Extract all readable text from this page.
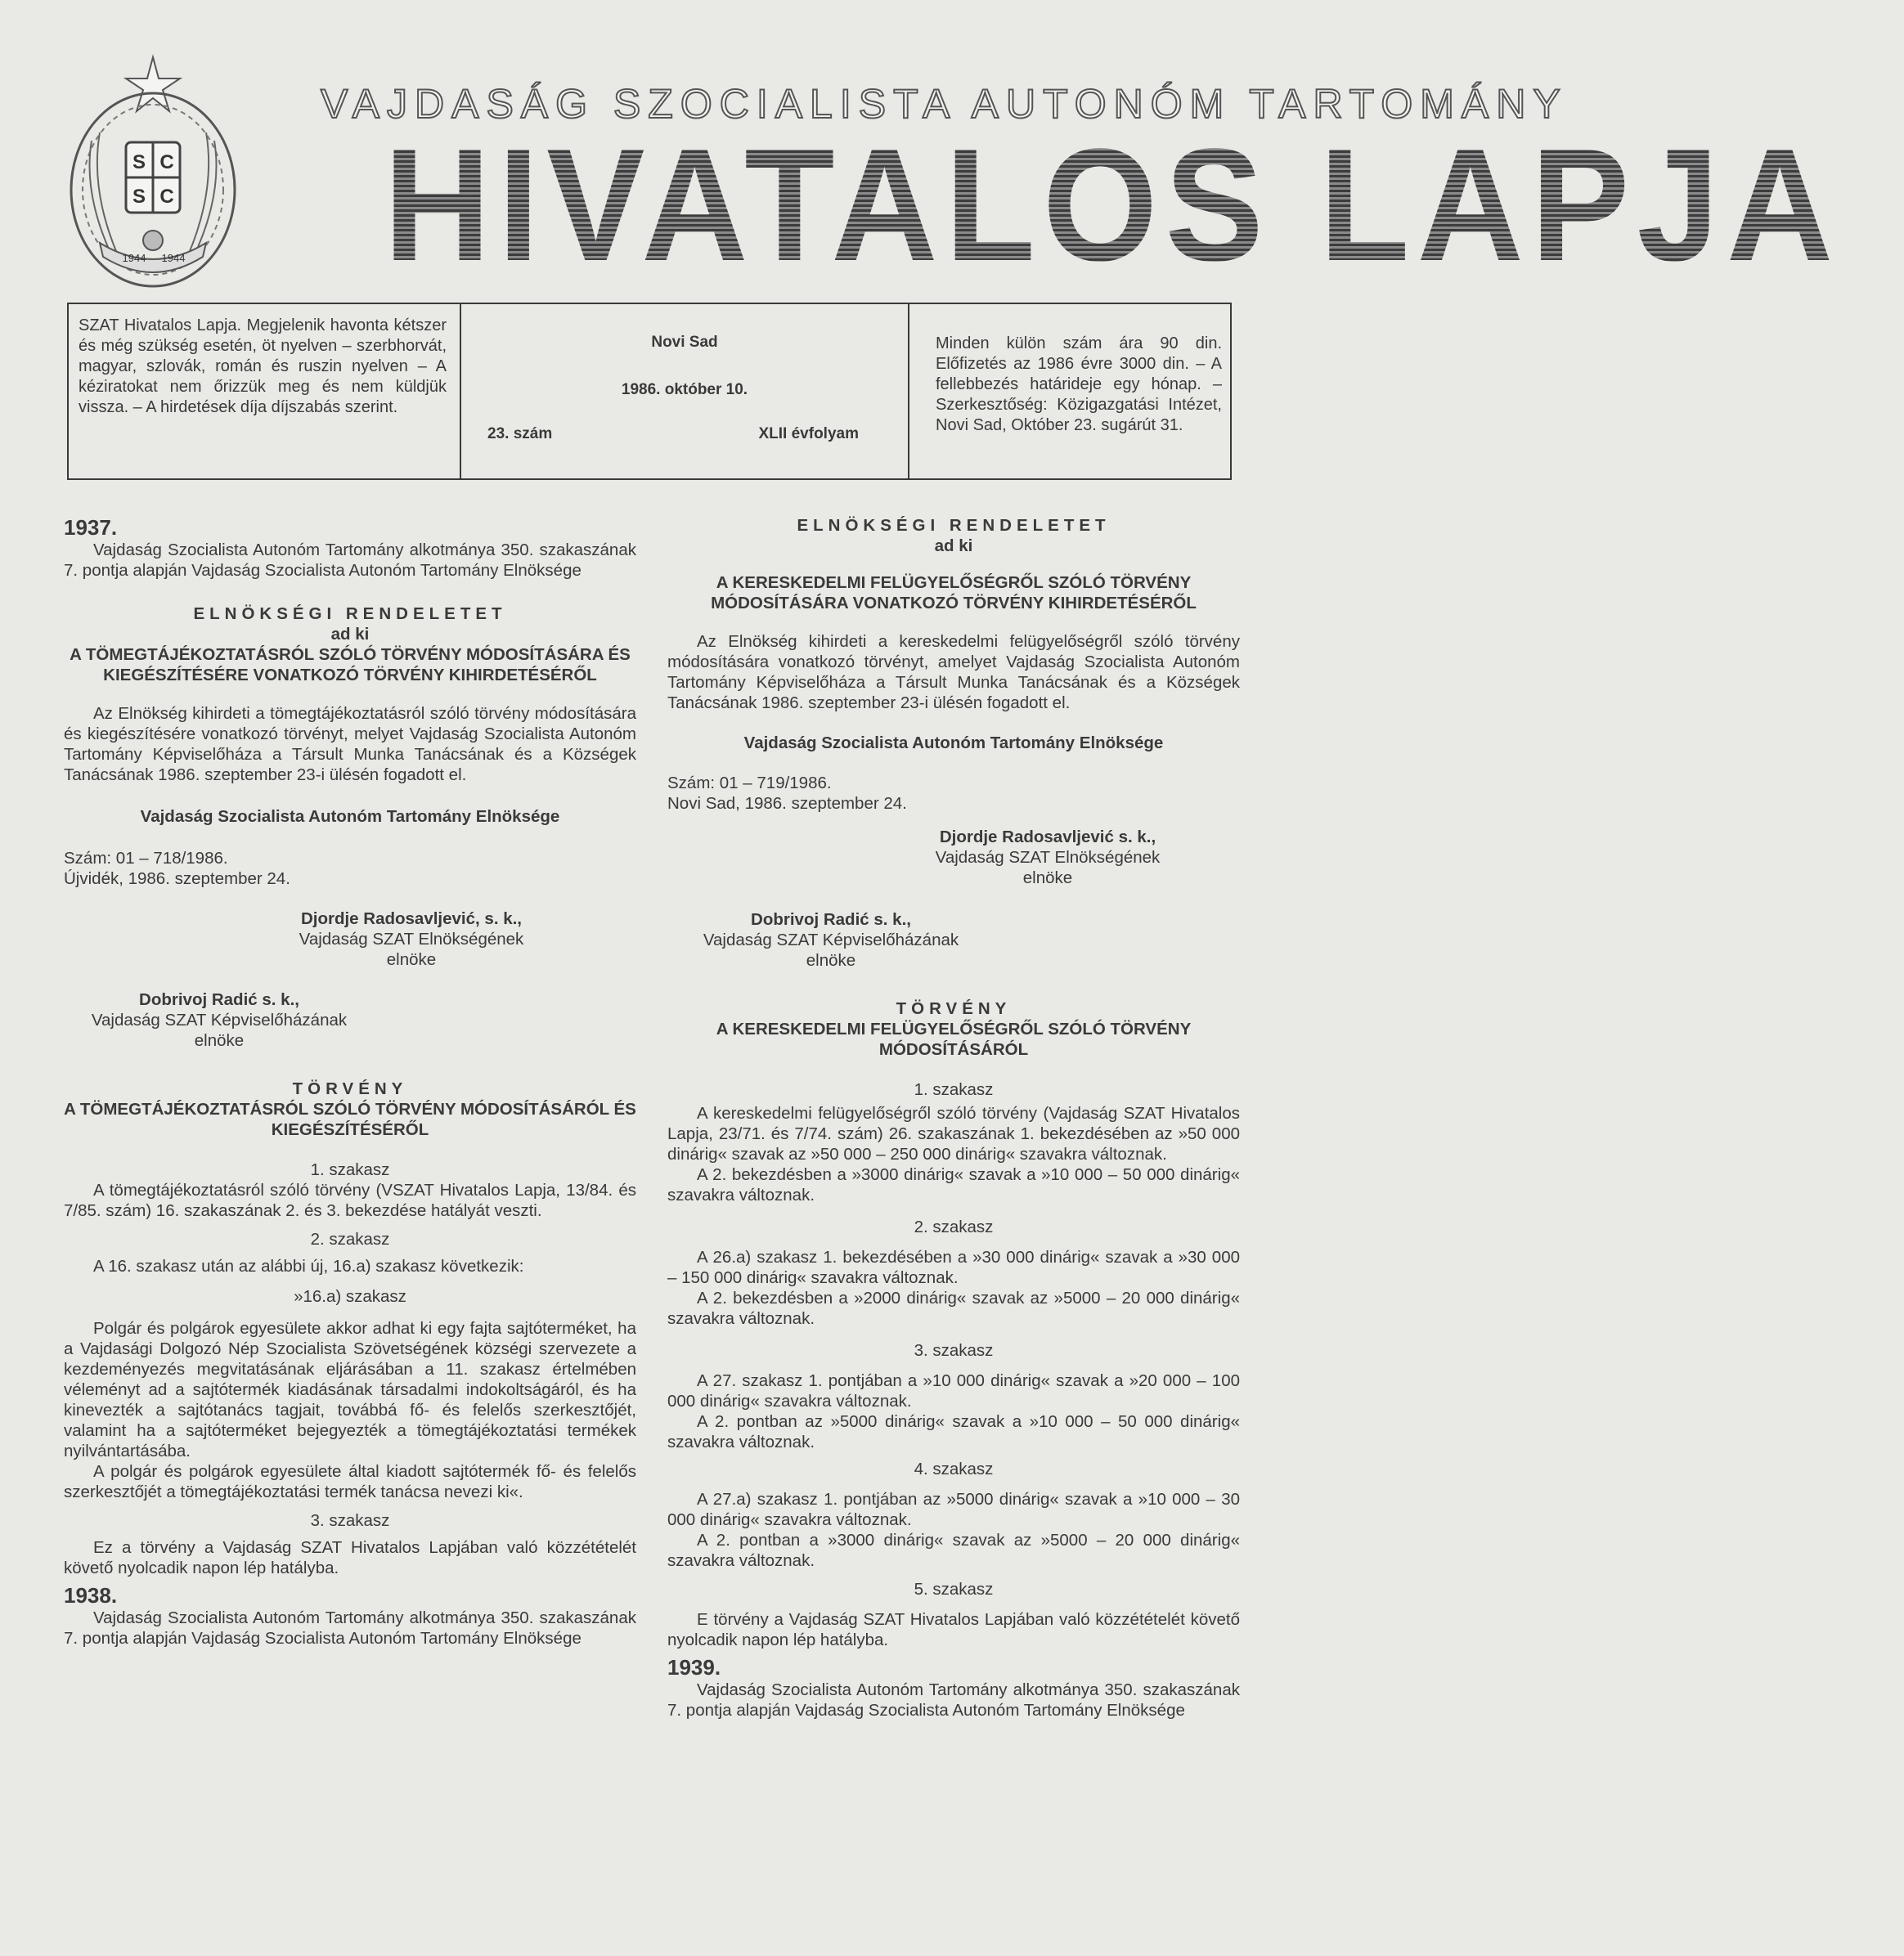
S C
S C
1944 1944
VAJDASÁG SZOCIALISTA AUTONÓM TARTOMÁNY
HIVATALOS LAPJA

SZAT Hivatalos Lapja. Megjelenik havonta kétszer és még szükség esetén, öt nyelven – szerbhorvát, magyar, szlovák, román és ruszin nyelven – A kéziratokat nem őrizzük meg és nem küldjük vissza. – A hirdetések díja díjszabás szerint.

Novi Sad
1986. október 10.
23. szám	XLII évfolyam

Minden külön szám ára 90 din. Előfizetés az 1986 évre 3000 din. – A fellebbezés határideje egy hónap. – Szerkesztőség: Közigazgatási Intézet, Novi Sad, Október 23. sugárút 31.

1937.

Vajdaság Szocialista Autonóm Tartomány alkotmánya 350. szakaszának 7. pontja alapján Vajdaság Szocialista Autonóm Tartomány Elnöksége

ELNÖKSÉGI RENDELETET

ad ki

A TÖMEGTÁJÉKOZTATÁSRÓL SZÓLÓ TÖRVÉNY MÓDOSÍTÁSÁRA ÉS KIEGÉSZÍTÉSÉRE VONATKOZÓ TÖRVÉNY KIHIRDETÉSÉRŐL

Az Elnökség kihirdeti a tömegtájékoztatásról szóló törvény módosítására és kiegészítésére vonatkozó törvényt, melyet Vajdaság Szocialista Autonóm Tartomány Képviselőháza a Társult Munka Tanácsának és a Községek Tanácsának 1986. szeptember 23-i ülésén fogadott el.

Vajdaság Szocialista Autonóm Tartomány Elnöksége

Szám: 01 – 718/1986.

Újvidék, 1986. szeptember 24.

Djordje Radosavljević, s. k.,

Vajdaság SZAT Elnökségének

elnöke

Dobrivoj Radić s. k.,

Vajdaság SZAT Képviselőházának

elnöke

TÖRVÉNY

A TÖMEGTÁJÉKOZTATÁSRÓL SZÓLÓ TÖRVÉNY MÓDOSÍTÁSÁRÓL ÉS KIEGÉSZÍTÉSÉRŐL

1. szakasz

A tömegtájékoztatásról szóló törvény (VSZAT Hivatalos Lapja, 13/84. és 7/85. szám) 16. szakaszának 2. és 3. bekezdése hatályát veszti.

2. szakasz

A 16. szakasz után az alábbi új, 16.a) szakasz következik:

»16.a) szakasz

Polgár és polgárok egyesülete akkor adhat ki egy fajta sajtóterméket, ha a Vajdasági Dolgozó Nép Szocialista Szövetségének községi szervezete a kezdeményezés megvitatásának eljárásában a 11. szakasz értelmében véleményt ad a sajtótermék kiadásának társadalmi indokoltságáról, és ha kinevezték a sajtótanács tagjait, továbbá fő- és felelős szerkesztőjét, valamint ha a sajtóterméket bejegyezték a tömegtájékoztatási termékek nyilvántartásába.

A polgár és polgárok egyesülete által kiadott sajtótermék fő- és felelős szerkesztőjét a tömegtájékoztatási termék tanácsa nevezi ki«.

3. szakasz

Ez a törvény a Vajdaság SZAT Hivatalos Lapjában való közzétételét követő nyolcadik napon lép hatályba.

1938.

Vajdaság Szocialista Autonóm Tartomány alkotmánya 350. szakaszának 7. pontja alapján Vajdaság Szocialista Autonóm Tartomány Elnöksége

ELNÖKSÉGI RENDELETET

ad ki

A KERESKEDELMI FELÜGYELŐSÉGRŐL SZÓLÓ TÖRVÉNY MÓDOSÍTÁSÁRA VONATKOZÓ TÖRVÉNY KIHIRDETÉSÉRŐL

Az Elnökség kihirdeti a kereskedelmi felügyelőségről szóló törvény módosítására vonatkozó törvényt, amelyet Vajdaság Szocialista Autonóm Tartomány Képviselőháza a Társult Munka Tanácsának és a Községek Tanácsának 1986. szeptember 23-i ülésén fogadott el.

Vajdaság Szocialista Autonóm Tartomány Elnöksége

Szám: 01 – 719/1986.

Novi Sad, 1986. szeptember 24.

Djordje Radosavljević s. k.,

Vajdaság SZAT Elnökségének

elnöke

Dobrivoj Radić s. k.,

Vajdaság SZAT Képviselőházának

elnöke

TÖRVÉNY

A KERESKEDELMI FELÜGYELŐSÉGRŐL SZÓLÓ TÖRVÉNY MÓDOSÍTÁSÁRÓL

1. szakasz

A kereskedelmi felügyelőségről szóló törvény (Vajdaság SZAT Hivatalos Lapja, 23/71. és 7/74. szám) 26. szakaszának 1. bekezdésében az »50 000 dinárig« szavak az »50 000 – 250 000 dinárig« szavakra változnak.

A 2. bekezdésben a »3000 dinárig« szavak a »10 000 – 50 000 dinárig« szavakra változnak.

2. szakasz

A 26.a) szakasz 1. bekezdésében a »30 000 dinárig« szavak a »30 000 – 150 000 dinárig« szavakra változnak.

A 2. bekezdésben a »2000 dinárig« szavak az »5000 – 20 000 dinárig« szavakra változnak.

3. szakasz

A 27. szakasz 1. pontjában a »10 000 dinárig« szavak a »20 000 – 100 000 dinárig« szavakra változnak.

A 2. pontban az »5000 dinárig« szavak a »10 000 – 50 000 dinárig« szavakra változnak.

4. szakasz

A 27.a) szakasz 1. pontjában az »5000 dinárig« szavak a »10 000 – 30 000 dinárig« szavakra változnak.

A 2. pontban a »3000 dinárig« szavak az »5000 – 20 000 dinárig« szavakra változnak.

5. szakasz

E törvény a Vajdaság SZAT Hivatalos Lapjában való közzétételét követő nyolcadik napon lép hatályba.

1939.

Vajdaság Szocialista Autonóm Tartomány alkotmánya 350. szakaszának 7. pontja alapján Vajdaság Szocialista Autonóm Tartomány Elnöksége
